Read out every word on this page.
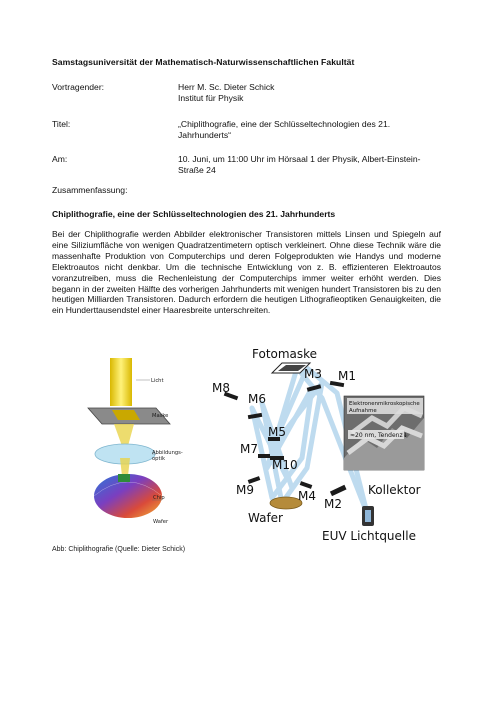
Samstagsuniversität der Mathematisch-Naturwissenschaftlichen Fakultät
Vortragender:	Herr M. Sc. Dieter Schick
Institut für Physik
Titel:	„Chiplithografie, eine der Schlüsseltechnologien des 21.
Jahrhunderts“
Am:	10. Juni, um 11:00 Uhr im Hörsaal 1 der Physik, Albert-Einstein-
Straße 24
Zusammenfassung:
Chiplithografie, eine der Schlüsseltechnologien des 21. Jahrhunderts

Bei der Chiplithografie werden Abbilder elektronischer Transistoren mittels Linsen und Spiegeln auf eine Siliziumfläche von wenigen Quadratzentimetern optisch verkleinert. Ohne diese Technik wäre die massenhafte Produktion von Computerchips und deren Folgeprodukten wie Handys und moderne Elektroautos nicht denkbar. Um die technische Entwicklung von z. B. effizienteren Elektroautos voranzutreiben, muss die Rechenleistung der Computerchips immer weiter erhöht werden. Dies begann in der zweiten Hälfte des vorherigen Jahrhunderts mit wenigen hundert Transistoren bis zu den heutigen Milliarden Transistoren. Dadurch erfordern die heutigen Lithografieoptiken Genauigkeiten, die ein Hunderttausendstel einer Haaresbreite unterschreiten.

Licht
Maske
Abbildungs-
optik
Chip
Wafer
Fotomaske
Elektronenmikroskopische
Aufnahme
≈20 nm, Tendenz↓
M1
M2
M3
M4
M5
M6
M7
M8
M9
M10
Wafer
Kollektor
EUV Lichtquelle
Abb: Chiplithografie (Quelle: Dieter Schick)
